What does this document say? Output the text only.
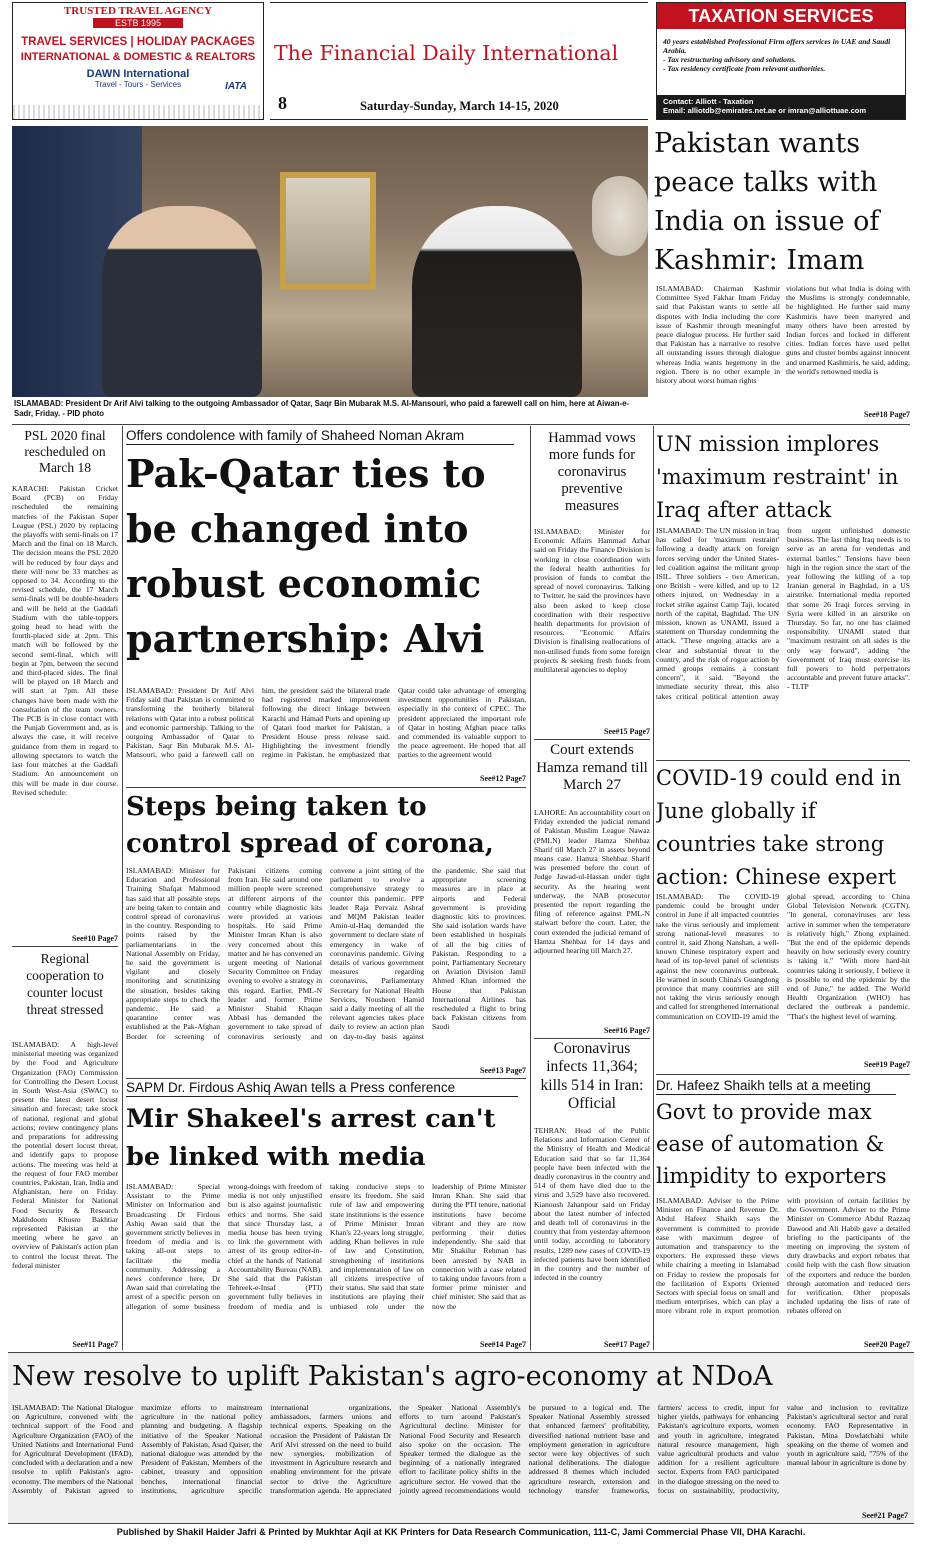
TRUSTED TRAVEL AGENCY
ESTB 1995
TRAVEL SERVICES | HOLIDAY PACKAGES
INTERNATIONAL & DOMESTIC & REALTORS
DAWN International
Travel - Tours - Services	IATA
The Financial Daily International
8	Saturday-Sunday, March 14-15, 2020
TAXATION SERVICES
40 years established Professional Firm offers services in UAE and Saudi Arabia.
- Tax restructuring advisory and solutions.
- Tax residency certificate from relevant authorities.
Contact: Alliott - Taxation
Email: alliotdb@emirates.net.ae or imran@alliottuae.com
ISLAMABAD: President Dr Arif Alvi talking to the outgoing Ambassador of Qatar, Saqr Bin Mubarak M.S. Al-Mansouri, who paid a farewell call on him, here at Aiwan-e-Sadr, Friday. - PID photo
Pakistan wants peace talks with India on issue of Kashmir: Imam
ISLAMABAD: Chairman Kashmir Committee Syed Fakhar Imam Friday said that Pakistan wants to settle all disputes with India including the core issue of Kashmir through meaningful peace dialogue process. He further said that Pakistan has a narrative to resolve all outstanding issues through dialogue whereas India wants hegemony in the region. There is no other example in history about worst human rights
violations but what India is doing with the Muslims is strongly condemnable, he highlighted. He further said many Kashmiris have been martyred and many others have been arrested by Indian forces and locked in different cities. Indian forces have used pellet guns and cluster bombs against innocent and unarmed Kashmiris, he said, adding, the world's renowned media is
See#18 Page7
PSL 2020 final rescheduled on March 18
KARACHI: Pakistan Cricket Board (PCB) on Friday rescheduled the remaining matches of the Pakistan Super League (PSL) 2020 by replacing the playoffs with semi-finals on 17 March and the final on 18 March. The decision means the PSL 2020 will be reduced by four days and there will now be 33 matches as opposed to 34. According to the revised schedule, the 17 March semi-finals will be double-headers and will be held at the Gaddafi Stadium with the table-toppers going head to head with the fourth-placed side at 2pm. This match will be followed by the second semi-final, which will begin at 7pm, between the second and third-placed sides. The final will be played on 18 March and will start at 7pm. All these changes have been made with the consultation of the team owners. The PCB is in close contact with the Punjab Government and, as is always the case, it will receive guidance from them in regard to allowing spectators to watch the last four matches at the Gaddafi Stadium. An announcement on this will be made in due course. Revised schedule:
See#10 Page7
Regional cooperation to counter locust threat stressed
ISLAMABAD: A high-level ministerial meeting was organized by the Food and Agriculture Organization (FAO) Commission for Controlling the Desert Locust in South West-Asia (SWAC) to present the latest desert locust situation and forecast; take stock of national, regional and global actions; review contingency plans and preparations for addressing the potential desert locust threat, and identify gaps to propose actions. The meeting was held at the request of four FAO member countries, Pakistan, Iran, India and Afghanistan, here on Friday. Federal Minister for National Food Security & Research Makhdoom Khusro Bakhtiar represented Pakistan at the meeting where he gave an overview of Pakistan's action plan to control the locust threat. The federal minister
See#11 Page7
Offers condolence with family of Shaheed Noman Akram
Pak-Qatar ties to be changed into robust economic partnership: Alvi
ISLAMABAD: President Dr Arif Alvi Friday said that Pakistan is committed to transforming the brotherly bilateral relations with Qatar into a robust political and economic partnership. Talking to the outgoing Ambassador of Qatar to Pakistan, Saqr Bin Mubarak M.S. Al-Mansouri, who paid a farewell call on him, the president said the bilateral trade had registered marked improvement following the direct linkage between Karachi and Hamad Ports and opening up of Qatari food market for Pakistan, a President House press release said. Highlighting the investment friendly regime in Pakistan, he emphasized that Qatar could take advantage of emerging investment opportunities in Pakistan, especially in the context of CPEC. The president appreciated the important role of Qatar in hosting Afghan peace talks and commended its valuable support to the peace agreement. He hoped that all parties to the agreement would
See#12 Page7
Steps being taken to control spread of corona,
ISLAMABAD: Minister for Education and Professional Training Shafqat Mahmood has said that all possible steps are being taken to contain and control spread of coronavirus in the country. Responding to points raised by the parliamentarians in the National Assembly on Friday, he said the government is vigilant and closely monitoring and scrutinizing the situation, besides taking appropriate steps to check the pandemic. He said a quarantine center was established at the Pak-Afghan Border for screening of Pakistani citizens coming from Iran. He said around one million people were screened at different airports of the country while diagnostic kits were provided at various hospitals. He said Prime Minister Imran Khan is also very concerned about this matter and he has convened an urgent meeting of National Security Committee on Friday evening to evolve a strategy in this regard. Earlier, PML-N leader and former Prime Minister Shahid Khaqan Abbasi has demanded the government to take spread of coronavirus seriously and convene a joint sitting of the parliament to evolve a comprehensive strategy to counter this pandemic. PPP leader Raja Pervaiz Ashraf and MQM Pakistan leader Amin-ul-Haq demanded the government to declare state of emergency in wake of coronavirus pandemic. Giving details of various government measures regarding coronavirus, Parliamentary Secretary for National Health Services, Nousheen Hamid said a daily meeting of all the relevant agencies takes place daily to review an action plan on day-to-day basis against the pandemic. She said that appropriate screening measures are in place at airports and Federal government is providing diagnostic kits to provinces. She said isolation wards have been established in hospitals of all the big cities of Pakistan. Responding to a point, Parliamentary Secretary on Aviation Division Jamil Ahmed Khan informed the House that Pakistan International Airlines has rescheduled a flight to bring back Pakistan citizens from Saudi
See#13 Page7
SAPM Dr. Firdous Ashiq Awan tells a Press conference
Mir Shakeel's arrest can't be linked with media
ISLAMABAD: Special Assistant to the Prime Minister on Information and Broadcasting Dr Firdous Ashiq Awan said that the government strictly believes in freedom of media and is taking all-out steps to facilitate the media community. Addressing a news conference here, Dr Awan said that correlating the arrest of a specific person on allegation of some business wrong-doings with freedom of media is not only unjustified but is also against journalistic ethics and norms. She said that since Thursday last, a media house has been trying to link the government with arrest of its group editor-in-chief at the hands of National Accountability Bureau (NAB). She said that the Pakistan Tehreek-e-Insaf (PTI) government fully believes in freedom of media and is taking conducive steps to ensure its freedom. She said rule of law and empowering state institutions is the essence of Prime Minister Imran Khan's 22-years long struggle, adding Khan believes in rule of law and Constitution, strengthening of institutions and implementation of law on all citizens irrespective of their status. She said that state institutions are playing their unbiased role under the leadership of Prime Minister Imran Khan. She said that during the PTI tenure, national institutions have become vibrant and they are now performing their duties independently. She said that Mir Shakilur Rehman has been arrested by NAB in connection with a case related to taking undue favours from a former prime minister and chief minister. She said that as now the
See#14 Page7
Hammad vows more funds for coronavirus preventive measures
ISLAMABAD: Minister for Economic Affairs Hammad Azhar said on Friday the Finance Division is working in close coordination with the federal health authorities for provision of funds to combat the spread of novel coronavirus. Talking to Twitter, he said the provinces have also been asked to keep close coordination with their respective health departments for provision of resources. "Economic Affairs Division is finalising reallocations of non-utilised funds from some foreign projects & seeking fresh funds from multilateral agencies to deploy
See#15 Page7
Court extends Hamza remand till March 27
LAHORE: An accountability court on Friday extended the judicial remand of Pakistan Muslim League Nawaz (PMLN) leader Hamza Shehbaz Sharif till March 27 in assets beyond means case. Hamza Shehbaz Sharif was presented before the court of Judge Jawad-ul-Hassan under tight security. As the hearing went underway, the NAB prosecutor presented the report regarding the filing of reference against PML-N stalwart before the court. Later, the court extended the judicial remand of Hamza Shehbaz for 14 days and adjourned hearing till March 27.
See#16 Page7
Coronavirus infects 11,364; kills 514 in Iran: Official
TEHRAN: Head of the Public Relations and Information Center of the Ministry of Health and Medical Education said that so far 11,364 people have been infected with the deadly coronavirus in the country and 514 of them have died due to the virus and 3,529 have also recovered. Kianoush Jahanpour said on Friday about the latest number of infected and death toll of coronavirus in the country that from yesterday afternoon until today, according to laboratory results, 1289 new cases of COVID-19 infected patients have been identified in the country and the number of infected in the country
See#17 Page7
UN mission implores 'maximum restraint' in Iraq after attack
ISLAMABAD: The UN mission in Iraq has called for 'maximum restraint' following a deadly attack on foreign forces serving under the United States-led coalition against the militant group ISIL. Three soldiers - two American, one British - were killed, and up to 12 others injured, on Wednesday in a rocket strike against Camp Taji, located north of the capital, Baghdad. The UN mission, known as UNAMI, issued a statement on Thursday condemning the attack. "These ongoing attacks are a clear and substantial threat to the country, and the risk of rogue action by armed groups remains a constant concern", it said. "Beyond the immediate security threat, this also takes critical political attention away from urgent unfinished domestic business. The last thing Iraq needs is to serve as an arena for vendettas and external battles." Tensions have been high in the region since the start of the year following the killing of a top Iranian general in Baghdad, in a US airstrike. International media reported that some 26 Iraqi forces serving in Syria were killed in an airstrike on Thursday. So far, no one has claimed responsibility. UNAMI stated that "maximum restraint on all sides is the only way forward", adding "the Government of Iraq must exercise its full powers to hold perpetrators accountable and prevent future attacks". - TLTP
COVID-19 could end in June globally if countries take strong action: Chinese expert
ISLAMABAD: The COVID-19 pandemic could be brought under control in June if all impacted countries take the virus seriously and implement strong national-level measures to control it, said Zhong Nanshan, a well-known Chinese respiratory expert and head of its top-level panel of scientists against the new coronavirus outbreak. He warned in south China's Guangdong province that many countries are still not taking the virus seriously enough and called for strengthened international communication on COVID-19 amid the global spread, according to China Global Television Network (CGTN). "In general, coronaviruses are less active in summer when the temperature is relatively high," Zhong explained. "But the end of the epidemic depends heavily on how seriously every country is taking it." "With more hard-hit countries taking it seriously, I believe it is possible to end the epidemic by the end of June," he added. The World Health Organization (WHO) has declared the outbreak a pandemic. "That's the highest level of warning.
See#19 Page7
Dr. Hafeez Shaikh tells at a meeting
Govt to provide max ease of automation & limpidity to exporters
ISLAMABAD: Adviser to the Prime Minister on Finance and Revenue Dr. Abdul Hafeez Shaikh says the government is committed to provide ease with maximum degree of automation and transparency to the exporters. He expressed these views while chairing a meeting in Islamabad on Friday to review the proposals for the facilitation of Exports Oriented Sectors with special focus on small and medium enterprises, which can play a more vibrant role in export promotion with provision of certain facilities by the Government. Adviser to the Prime Minister on Commerce Abdul Razzaq Dawood and Ali Habib gave a detailed briefing to the participants of the meeting on improving the system of duty drawbacks and export rebates that could help with the cash flow situation of the exporters and reduce the burden through automation and reduced tiers for verification. Other proposals included updating the lists of rate of rebates offered on
See#20 Page7
New resolve to uplift Pakistan's agro-economy at NDoA
ISLAMABAD: The National Dialogue on Agriculture, convened with the technical support of the Food and Agriculture Organization (FAO) of the United Nations and International Fund for Agricultural Development (IFAD), concluded with a declaration and a new resolve to uplift Pakistan's agro-economy. The members of the National Assembly of Pakistan agreed to maximize efforts to mainstream agriculture in the national policy planning and budgeting. A flagship initiative of the Speaker National Assembly of Pakistan, Asad Qaiser, the national dialogue was attended by the President of Pakistan, Members of the cabinet, treasury and opposition benches, international financial institutions, agriculture specific international organizations, ambassadors, farmers unions and technical experts. Speaking on the occasion the President of Pakistan Dr Arif Alvi stressed on the need to build new synergies, mobilization of investment in Agriculture research and enabling environment for the private sector to drive the Agriculture transformation agenda. He appreciated the Speaker National Assembly's efforts to turn around Pakistan's Agricultural decline. Minister for National Food Security and Research also spoke on the occasion. The Speaker termed the dialogue as the beginning of a nationally integrated effort to facilitate policy shifts in the agriculture sector. He vowed that the jointly agreed recommendations would be pursued to a logical end. The Speaker National Assembly stressed that enhanced farmers' profitability, diversified national nutrient base and employment generation in agriculture sector were key objectives of such national deliberations. The dialogue addressed 8 themes which included agriculture research, extension and technology transfer frameworks, farmers' access to credit, input for higher yields, pathways for enhancing Pakistan's agriculture exports, women and youth in agriculture, integrated natural resource management, high value agricultural products and value addition for a resilient agriculture sector. Experts from FAO participated in the dialogue stressing on the need to focus on sustainability, productivity, value and inclusion to revitalize Pakistan's agricultural sector and rural economy. FAO Representative in Pakistan, Mina Dowlatchahi while speaking on the theme of women and youth in agriculture said, "75% of the manual labour in agriculture is done by
See#21 Page7
Published by Shakil Haider Jafri & Printed by Mukhtar Aqil at KK Printers for Data Research Communication, 111-C, Jami Commercial Phase VII, DHA Karachi.
